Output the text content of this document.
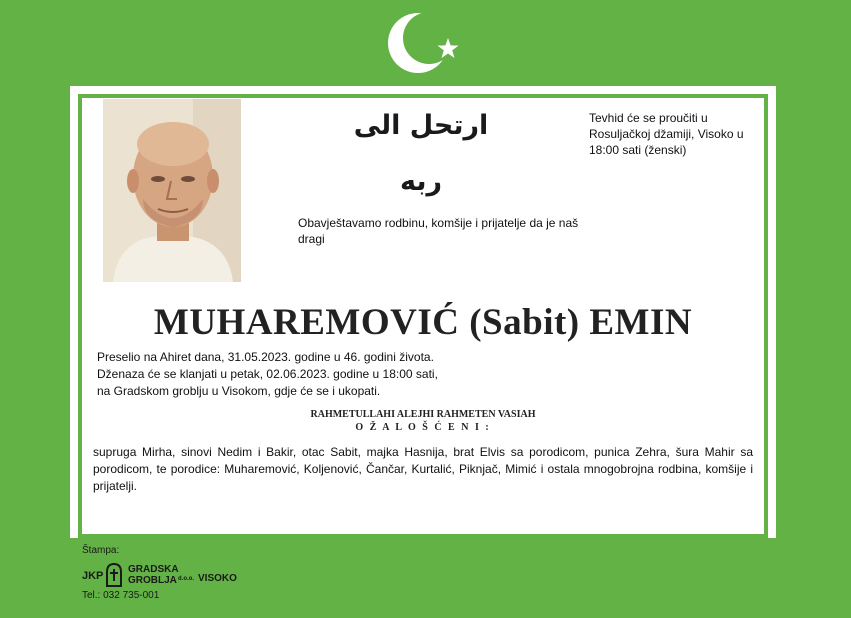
ارتحل الى ربه
Tevhid će se proučiti u Rosuljačkoj džamiji, Visoko u 18:00 sati (ženski)
Obavještavamo rodbinu, komšije i prijatelje da je naš dragi
MUHAREMOVIĆ (Sabit) EMIN
Preselio na Ahiret dana, 31.05.2023. godine u 46. godini života.
Dženaza će se klanjati u petak, 02.06.2023. godine u 18:00 sati,
na Gradskom groblju u Visokom, gdje će se i ukopati.
RAHMETULLAHI ALEJHI RAHMETEN VASIAH
O Ž A L O Š Ć E N I :
supruga Mirha, sinovi Nedim i Bakir, otac Sabit, majka Hasnija, brat Elvis sa porodicom, punica Zehra, šura Mahir sa porodicom, te porodice: Muharemović, Koljenović, Čančar, Kurtalić, Piknjač, Mimić i ostala mnogobrojna rodbina, komšije i prijatelji.
Štampa:
JKP
GRADSKA
GROBLJA d.o.o. VISOKO
Tel.: 032 735-001
